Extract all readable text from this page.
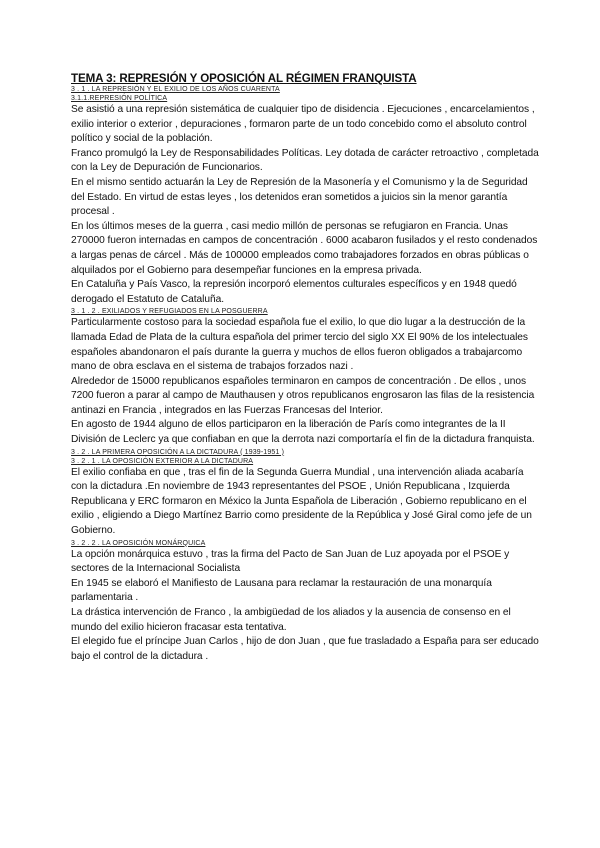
TEMA 3: REPRESIÓN Y OPOSICIÓN AL RÉGIMEN FRANQUISTA

3 . 1 . LA REPRESIÓN Y EL EXILIO DE LOS AÑOS CUARENTA

3.1.1.REPRESIÓN POLÍTICA

Se asistió a una represión sistemática de cualquier tipo de disidencia . Ejecuciones , encarcelamientos , exilio interior o exterior , depuraciones , formaron parte de un todo concebido como el absoluto control político y social de la población.

Franco promulgó la Ley de Responsabilidades Políticas. Ley dotada de carácter retroactivo , completada con la Ley de Depuración de Funcionarios.

En el mismo sentido actuarán la Ley de Represión de la Masonería y el Comunismo y la de Seguridad del Estado. En virtud de estas leyes , los detenidos eran sometidos a juicios sin la menor garantía procesal .

En los últimos meses de la guerra , casi medio millón de personas se refugiaron en Francia. Unas 270000 fueron internadas en campos de concentración . 6000 acabaron fusilados y el resto condenados a largas penas de cárcel . Más de 100000 empleados como trabajadores forzados en obras públicas o alquilados por el Gobierno para desempeñar funciones en la empresa privada.

En Cataluña y País Vasco, la represión incorporó elementos culturales específicos y en 1948 quedó derogado el Estatuto de Cataluña.

3 . 1 . 2 . EXILIADOS Y REFUGIADOS EN LA POSGUERRA

Particularmente costoso para la sociedad española fue el exilio, lo que dio lugar a la destrucción de la llamada Edad de Plata de la cultura española del primer tercio del siglo XX El 90% de los intelectuales españoles abandonaron el país durante la guerra y muchos de ellos fueron obligados a trabajarcomo mano de obra esclava en el sistema de trabajos forzados nazi .

Alrededor de 15000 republicanos españoles terminaron en campos de concentración . De ellos , unos 7200 fueron a parar al campo de Mauthausen y otros republicanos engrosaron las filas de la resistencia antinazi en Francia , integrados en las Fuerzas Francesas del Interior.

En agosto de 1944 alguno de ellos participaron en la liberación de París como integrantes de la II División de Leclerc ya que confiaban en que la derrota nazi comportaría el fin de la dictadura franquista.

3 . 2 . LA PRIMERA OPOSICIÓN A LA DICTADURA ( 1939-1951 )

3 . 2 . 1 . LA OPOSICIÓN EXTERIOR A LA DICTADURA

El exilio confiaba en que , tras el fin de la Segunda Guerra Mundial , una intervención aliada acabaría con la dictadura .En noviembre de 1943 representantes del PSOE , Unión Republicana , Izquierda Republicana y ERC formaron en México la Junta Española de Liberación , Gobierno republicano en el exilio , eligiendo a Diego Martínez Barrio como presidente de la República y José Giral como jefe de un Gobierno.

3 . 2 . 2 . LA OPOSICIÓN MONÁRQUICA

La opción monárquica estuvo , tras la firma del Pacto de San Juan de Luz apoyada por el PSOE y sectores de la Internacional Socialista

En 1945 se elaboró el Manifiesto de Lausana para reclamar la restauración de una monarquía parlamentaria .

La drástica intervención de Franco , la ambigüedad de los aliados y la ausencia de consenso en el mundo del exilio hicieron fracasar esta tentativa.

El elegido fue el príncipe Juan Carlos , hijo de don Juan , que fue trasladado a España para ser educado bajo el control de la dictadura .
